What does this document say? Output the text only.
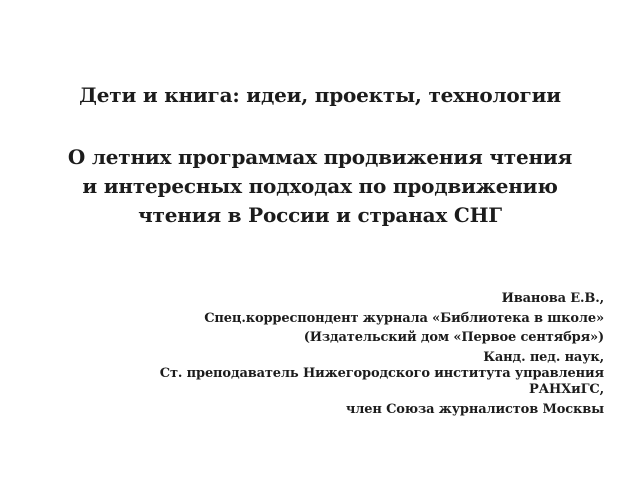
Дети и книга: идеи, проекты, технологии
О летних программах продвижения чтения
и интересных подходах по продвижению
чтения в России и странах СНГ
Иванова Е.В.,
Спец.корреспондент журнала «Библиотека в школе»
(Издательский дом «Первое сентября»)
Канд. пед. наук,
Ст. преподаватель Нижегородского института управления
РАНХиГС,
член Союза журналистов Москвы
